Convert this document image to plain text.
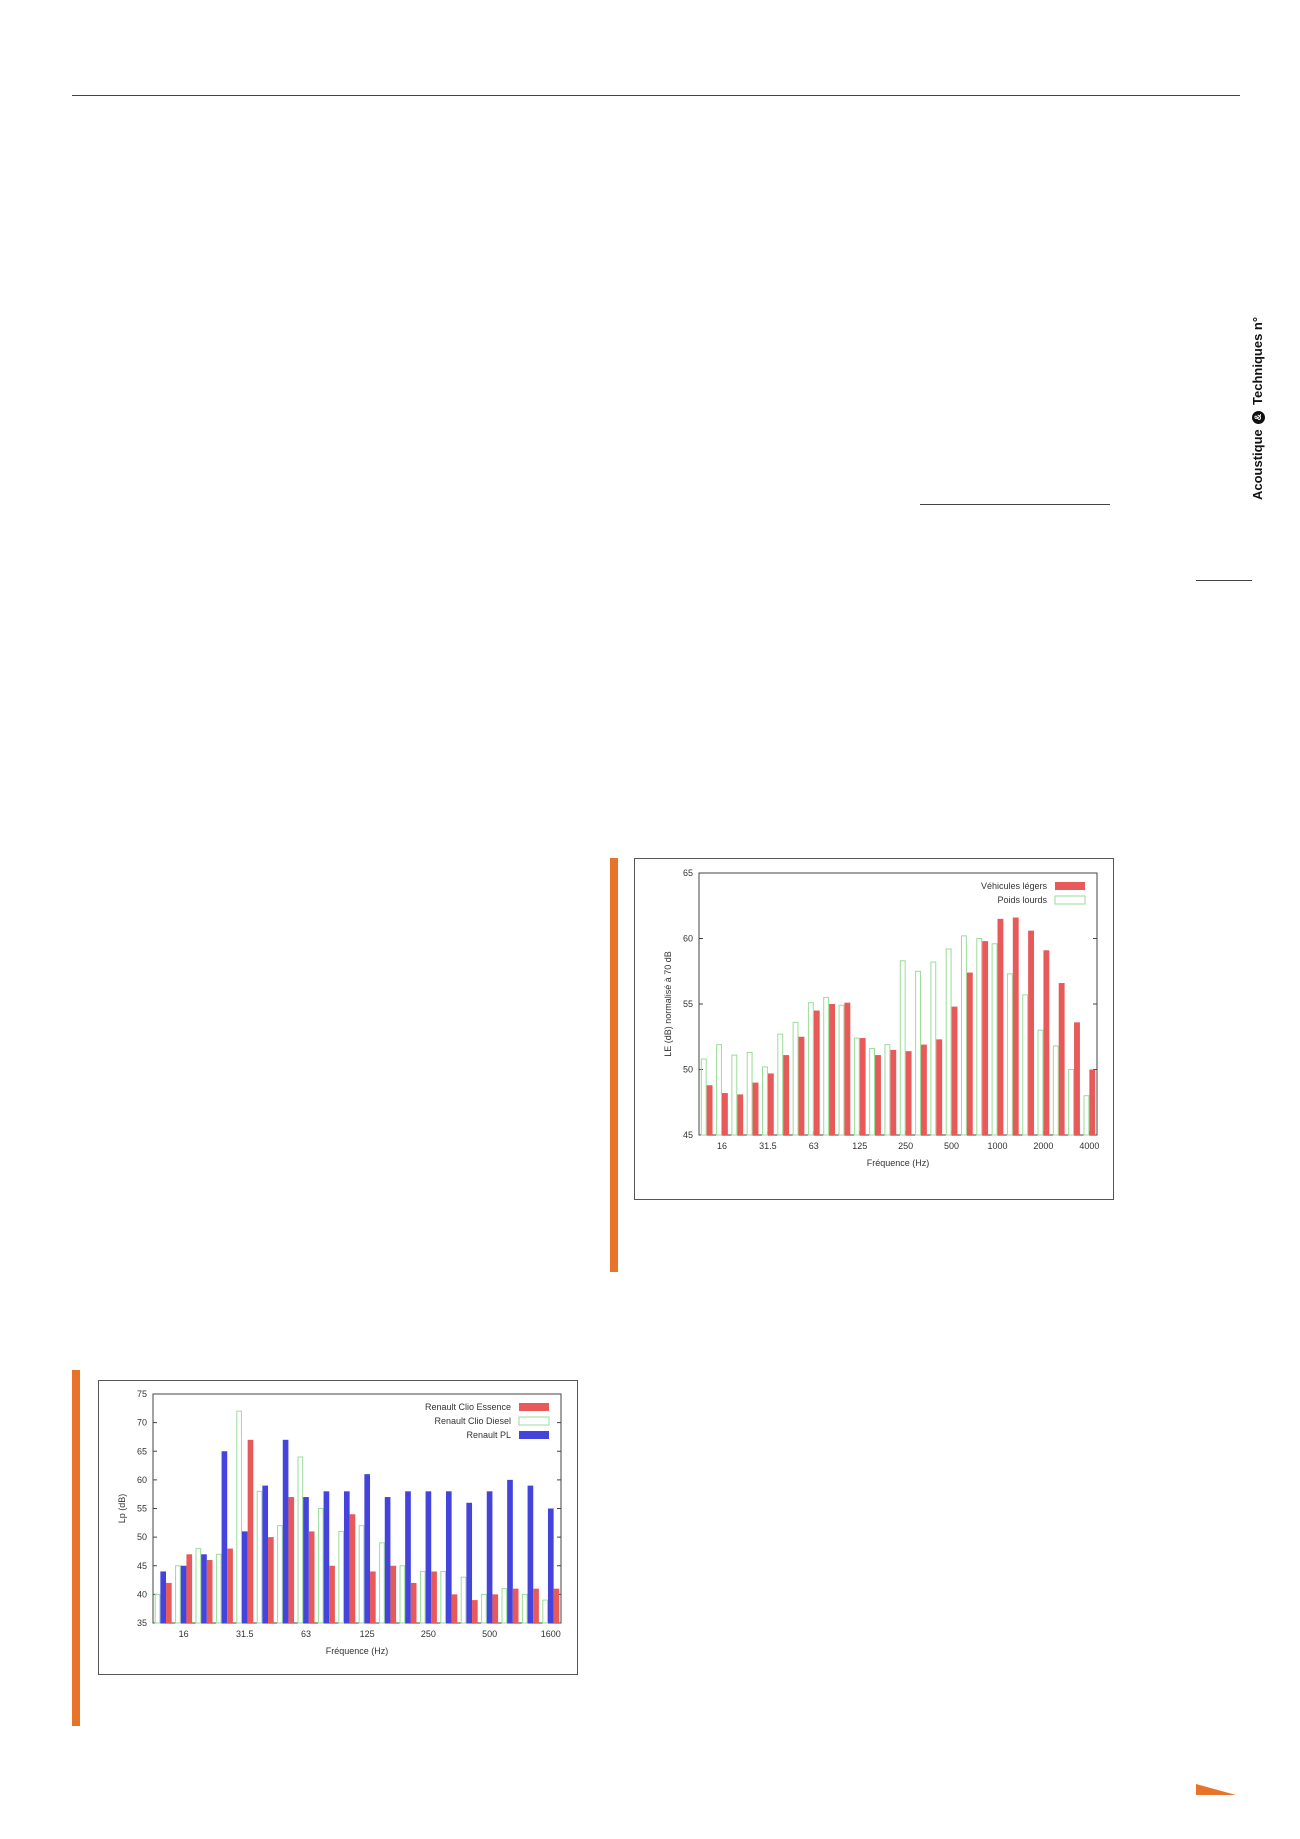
Acoustique & Techniques n°
35
40
45
50
55
60
65
70
75
16	31.5	63	125	250	500	1600
Fréquence (Hz)
Lp (dB)
Renault Clio Essence
Renault Clio Diesel
Renault PL
45
50
55
60
65
16	31.5	63	125	250	500	1000	2000	4000
Fréquence (Hz)
LE (dB) normalisé à 70 dB
Véhicules légers
Poids lourds
